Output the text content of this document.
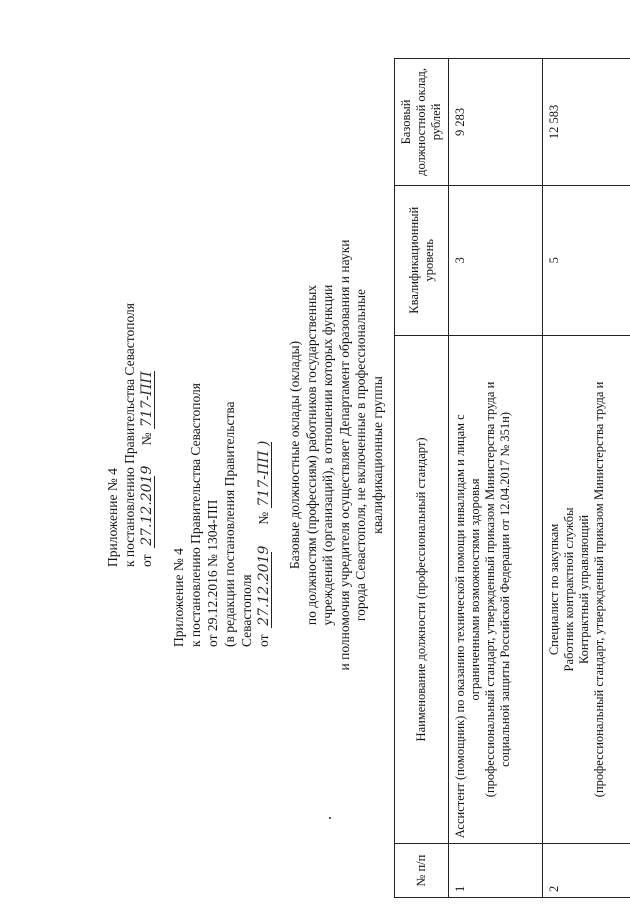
Приложение № 4 к постановлению Правительства Севастополя от  27.12.2019         № 717-ПП
Приложение № 4 к постановлению Правительства Севастополя от 29.12.2016 № 1304-ПП (в редакции постановления Правительства Севастополя от  27.12.2019        № 717-ПП ) Базовые должностные оклады (оклады) по должностям (профессиям) работников государственных учреждений (организаций), в отношении которых функции и полномочия учредителя осуществляет Департамент образования и науки города Севастополя, не включенные в профессиональные квалификационные группы
№ п/п	Наименование должности (профессиональный стандарт)	Квалификационный уровень	Базовый должностной оклад, рублей
1	Ассистент (помощник) по оказанию технической помощи инвалидам и лицам с ограниченными возможностями здоровья (профессиональный стандарт, утвержденный приказом Министерства труда и социальной защиты Российской Федерации от 12.04.2017 № 351н)	3	9 283
2	Специалист по закупкам Работник контрактной службы Контрактный управляющий (профессиональный стандарт, утвержденный приказом Министерства труда и	5	12 583
